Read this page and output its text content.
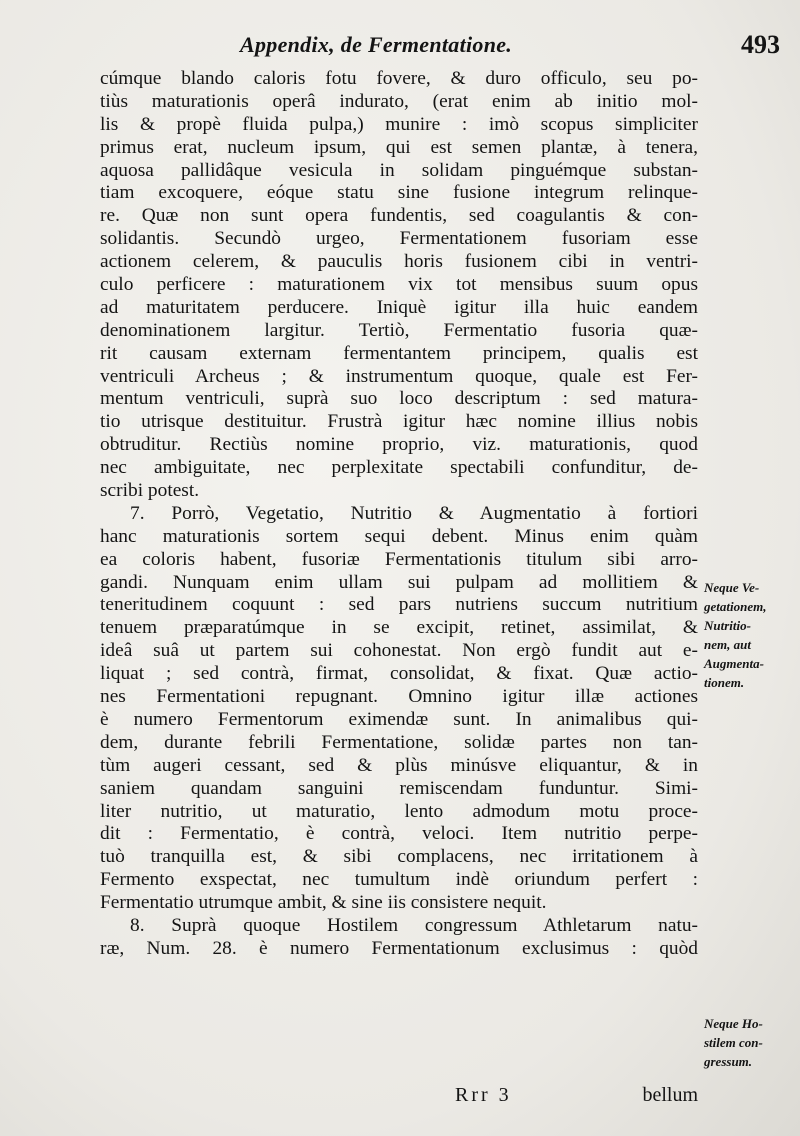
Appendix, de Fermentatione.	493
cúmque blando caloris fotu fovere, & duro officulo, seu po-
tiùs maturationis operâ indurato, (erat enim ab initio mol-
lis & propè fluida pulpa,) munire : imò scopus simpliciter
primus erat, nucleum ipsum, qui est semen plantæ, à tenera,
aquosa pallidâque vesicula in solidam pinguémque substan-
tiam excoquere, eóque statu sine fusione integrum relinque-
re. Quæ non sunt opera fundentis, sed coagulantis & con-
solidantis. Secundò urgeo, Fermentationem fusoriam esse
actionem celerem, & pauculis horis fusionem cibi in ventri-
culo perficere : maturationem vix tot mensibus suum opus
ad maturitatem perducere. Iniquè igitur illa huic eandem
denominationem largitur. Tertiò, Fermentatio fusoria quæ-
rit causam externam fermentantem principem, qualis est
ventriculi Archeus ; & instrumentum quoque, quale est Fer-
mentum ventriculi, suprà suo loco descriptum : sed matura-
tio utrisque destituitur. Frustrà igitur hæc nomine illius nobis
obtruditur. Rectiùs nomine proprio, viz. maturationis, quod
nec ambiguitate, nec perplexitate spectabili confunditur, de-
scribi potest.
7. Porrò, Vegetatio, Nutritio & Augmentatio à fortiori
hanc maturationis sortem sequi debent. Minus enim quàm
ea coloris habent, fusoriæ Fermentationis titulum sibi arro-
gandi. Nunquam enim ullam sui pulpam ad mollitiem &
teneritudinem coquunt : sed pars nutriens succum nutritium
tenuem præparatúmque in se excipit, retinet, assimilat, &
ideâ suâ ut partem sui cohonestat. Non ergò fundit aut e-
liquat ; sed contrà, firmat, consolidat, & fixat. Quæ actio-
nes Fermentationi repugnant. Omnino igitur illæ actiones
è numero Fermentorum eximendæ sunt. In animalibus qui-
dem, durante febrili Fermentatione, solidæ partes non tan-
tùm augeri cessant, sed & plùs minúsve eliquantur, & in
saniem quandam sanguini remiscendam funduntur. Simi-
liter nutritio, ut maturatio, lento admodum motu proce-
dit : Fermentatio, è contrà, veloci. Item nutritio perpe-
tuò tranquilla est, & sibi complacens, nec irritationem à
Fermento exspectat, nec tumultum indè oriundum perfert :
Fermentatio utrumque ambit, & sine iis consistere nequit.
8. Suprà quoque Hostilem congressum Athletarum natu-
ræ, Num. 28. è numero Fermentationum exclusimus : quòd
Neque Ve-
getationem,
Nutritio-
nem, aut
Augmenta-
tionem.
Neque Ho-
stilem con-
gressum.
Rrr 3	bellum
